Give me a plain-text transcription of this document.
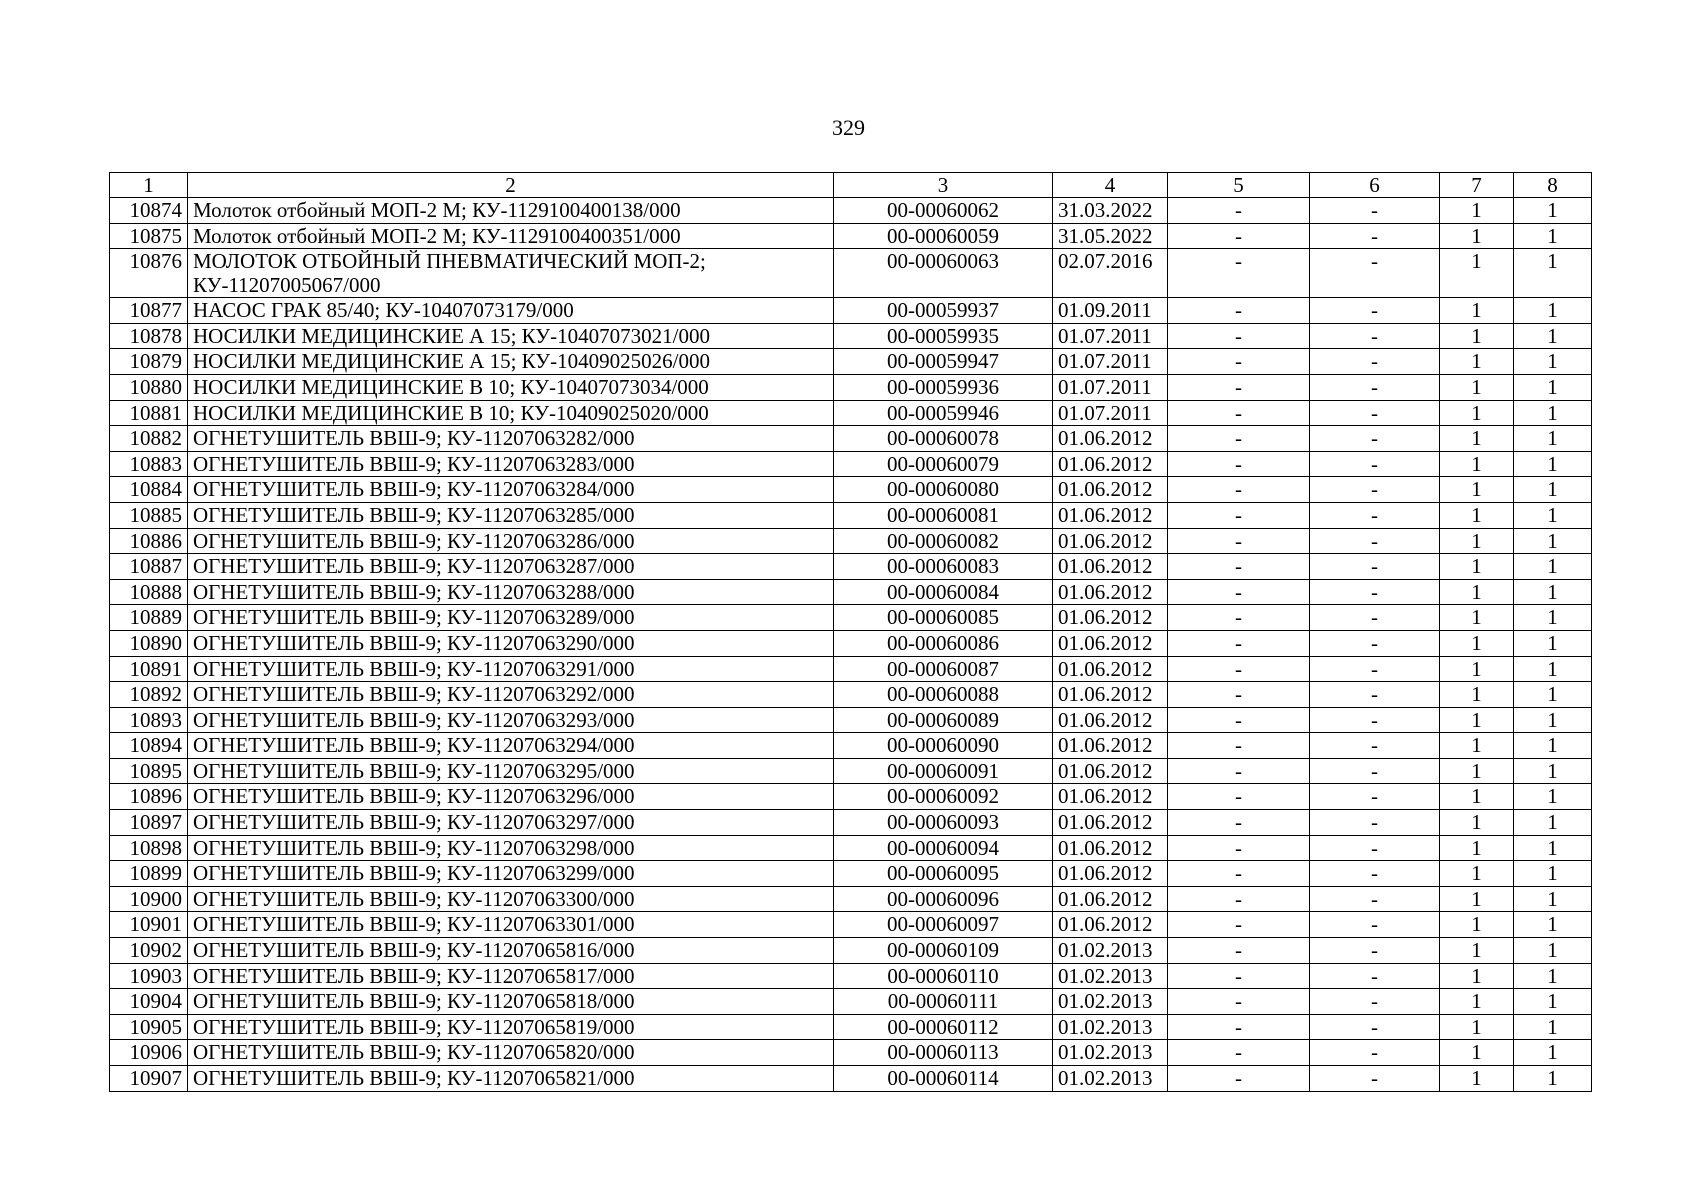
329
1	2	3	4	5	6	7	8
10874	Молоток отбойный МОП-2 М; КУ-1129100400138/000	00-00060062	31.03.2022	-	-	1	1
10875	Молоток отбойный МОП-2 М; КУ-1129100400351/000	00-00060059	31.05.2022	-	-	1	1
10876	МОЛОТОК ОТБОЙНЫЙ ПНЕВМАТИЧЕСКИЙ МОП-2; КУ-11207005067/000	00-00060063	02.07.2016	-	-	1	1
10877	НАСОС ГРАК 85/40; КУ-10407073179/000	00-00059937	01.09.2011	-	-	1	1
10878	НОСИЛКИ МЕДИЦИНСКИЕ А 15; КУ-10407073021/000	00-00059935	01.07.2011	-	-	1	1
10879	НОСИЛКИ МЕДИЦИНСКИЕ А 15; КУ-10409025026/000	00-00059947	01.07.2011	-	-	1	1
10880	НОСИЛКИ МЕДИЦИНСКИЕ В 10; КУ-10407073034/000	00-00059936	01.07.2011	-	-	1	1
10881	НОСИЛКИ МЕДИЦИНСКИЕ В 10; КУ-10409025020/000	00-00059946	01.07.2011	-	-	1	1
10882	ОГНЕТУШИТЕЛЬ ВВШ-9; КУ-11207063282/000	00-00060078	01.06.2012	-	-	1	1
10883	ОГНЕТУШИТЕЛЬ ВВШ-9; КУ-11207063283/000	00-00060079	01.06.2012	-	-	1	1
10884	ОГНЕТУШИТЕЛЬ ВВШ-9; КУ-11207063284/000	00-00060080	01.06.2012	-	-	1	1
10885	ОГНЕТУШИТЕЛЬ ВВШ-9; КУ-11207063285/000	00-00060081	01.06.2012	-	-	1	1
10886	ОГНЕТУШИТЕЛЬ ВВШ-9; КУ-11207063286/000	00-00060082	01.06.2012	-	-	1	1
10887	ОГНЕТУШИТЕЛЬ ВВШ-9; КУ-11207063287/000	00-00060083	01.06.2012	-	-	1	1
10888	ОГНЕТУШИТЕЛЬ ВВШ-9; КУ-11207063288/000	00-00060084	01.06.2012	-	-	1	1
10889	ОГНЕТУШИТЕЛЬ ВВШ-9; КУ-11207063289/000	00-00060085	01.06.2012	-	-	1	1
10890	ОГНЕТУШИТЕЛЬ ВВШ-9; КУ-11207063290/000	00-00060086	01.06.2012	-	-	1	1
10891	ОГНЕТУШИТЕЛЬ ВВШ-9; КУ-11207063291/000	00-00060087	01.06.2012	-	-	1	1
10892	ОГНЕТУШИТЕЛЬ ВВШ-9; КУ-11207063292/000	00-00060088	01.06.2012	-	-	1	1
10893	ОГНЕТУШИТЕЛЬ ВВШ-9; КУ-11207063293/000	00-00060089	01.06.2012	-	-	1	1
10894	ОГНЕТУШИТЕЛЬ ВВШ-9; КУ-11207063294/000	00-00060090	01.06.2012	-	-	1	1
10895	ОГНЕТУШИТЕЛЬ ВВШ-9; КУ-11207063295/000	00-00060091	01.06.2012	-	-	1	1
10896	ОГНЕТУШИТЕЛЬ ВВШ-9; КУ-11207063296/000	00-00060092	01.06.2012	-	-	1	1
10897	ОГНЕТУШИТЕЛЬ ВВШ-9; КУ-11207063297/000	00-00060093	01.06.2012	-	-	1	1
10898	ОГНЕТУШИТЕЛЬ ВВШ-9; КУ-11207063298/000	00-00060094	01.06.2012	-	-	1	1
10899	ОГНЕТУШИТЕЛЬ ВВШ-9; КУ-11207063299/000	00-00060095	01.06.2012	-	-	1	1
10900	ОГНЕТУШИТЕЛЬ ВВШ-9; КУ-11207063300/000	00-00060096	01.06.2012	-	-	1	1
10901	ОГНЕТУШИТЕЛЬ ВВШ-9; КУ-11207063301/000	00-00060097	01.06.2012	-	-	1	1
10902	ОГНЕТУШИТЕЛЬ ВВШ-9; КУ-11207065816/000	00-00060109	01.02.2013	-	-	1	1
10903	ОГНЕТУШИТЕЛЬ ВВШ-9; КУ-11207065817/000	00-00060110	01.02.2013	-	-	1	1
10904	ОГНЕТУШИТЕЛЬ ВВШ-9; КУ-11207065818/000	00-00060111	01.02.2013	-	-	1	1
10905	ОГНЕТУШИТЕЛЬ ВВШ-9; КУ-11207065819/000	00-00060112	01.02.2013	-	-	1	1
10906	ОГНЕТУШИТЕЛЬ ВВШ-9; КУ-11207065820/000	00-00060113	01.02.2013	-	-	1	1
10907	ОГНЕТУШИТЕЛЬ ВВШ-9; КУ-11207065821/000	00-00060114	01.02.2013	-	-	1	1
